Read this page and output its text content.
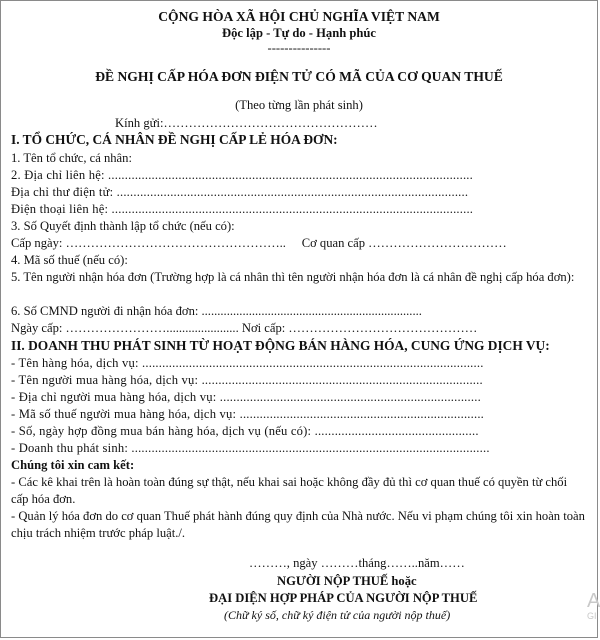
CỘNG HÒA XÃ HỘI CHỦ NGHĨA VIỆT NAM
Độc lập - Tự do - Hạnh phúc
---------------
ĐỀ NGHỊ CẤP HÓA ĐƠN ĐIỆN TỬ CÓ MÃ CỦA CƠ QUAN THUẾ
(Theo từng lần phát sinh)
Kính gửi:……………………………………………
I. TỔ CHỨC, CÁ NHÂN ĐỀ NGHỊ CẤP LẺ HÓA ĐƠN:
1. Tên tổ chức, cá nhân:
2. Địa chỉ liên hệ: .............................................................................................................
Địa chỉ thư điện tử: .........................................................................................................
Điện thoại liên hệ: ............................................................................................................
3. Số Quyết định thành lập tổ chức (nếu có):
Cấp ngày: ……………………………………………..     Cơ quan cấp ……………………………
4. Mã số thuế (nếu có):
5. Tên người nhận hóa đơn (Trường hợp là cá nhân thì tên người nhận hóa đơn là cá nhân đề nghị cấp hóa đơn):
6. Số CMND người đi nhận hóa đơn: ......................................................................
Ngày cấp: ……………………....................... Nơi cấp: ………………………………………
II. DOANH THU PHÁT SINH TỪ HOẠT ĐỘNG BÁN HÀNG HÓA, CUNG ỨNG DỊCH VỤ:
- Tên hàng hóa, dịch vụ: ......................................................................................................
- Tên người mua hàng hóa, dịch vụ: ....................................................................................
- Địa chỉ người mua hàng hóa, dịch vụ: ..............................................................................
- Mã số thuế người mua hàng hóa, dịch vụ: .........................................................................
- Số, ngày hợp đồng mua bán hàng hóa, dịch vụ (nếu có): .................................................
- Doanh thu phát sinh: ...........................................................................................................
Chúng tôi xin cam kết:
- Các kê khai trên là hoàn toàn đúng sự thật, nếu khai sai hoặc không đầy đủ thì cơ quan thuế có quyền từ chối cấp hóa đơn.
- Quản lý hóa đơn do cơ quan Thuế phát hành đúng quy định của Nhà nước. Nếu vi phạm chúng tôi xin hoàn toàn chịu trách nhiệm trước pháp luật./.
………, ngày ………tháng……..năm……
NGƯỜI NỘP THUẾ hoặc
ĐẠI DIỆN HỢP PHÁP CỦA NGƯỜI NỘP THUẾ
(Chữ ký số, chữ ký điện tử của người nộp thuế)
A
GI
